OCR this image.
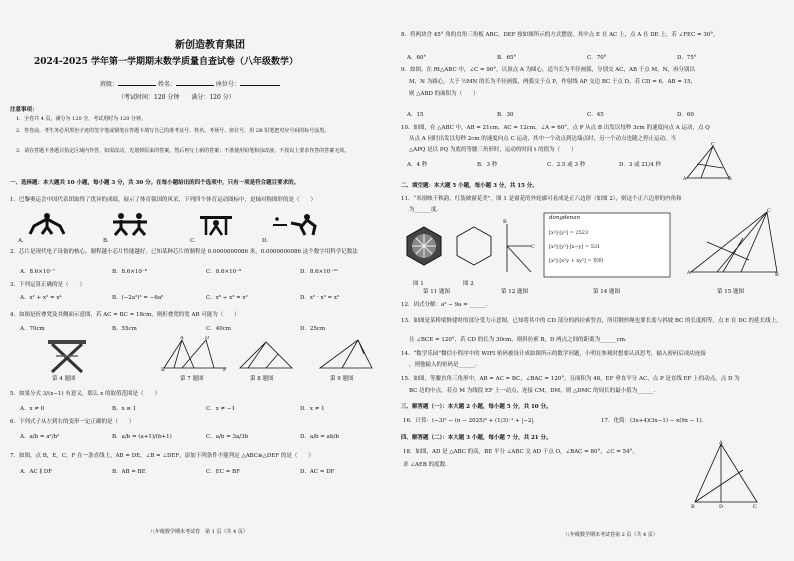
新创造教育集团
2024-2025 学年第一学期期末数学质量自查试卷（八年级数学）
班级：	姓名：	座位号：
（考试时间：120 分钟　　满分：120 分）
注意事项：
1．全卷共 4 页，满分为 120 分，考试用时为 120 分钟。
2．答卷前，考生务必用黑色字迹的签字笔或钢笔在答题卡填写自己的准考证号、姓名、考场号、座位号，用 2B 铅笔把对应号码的标号涂黑。
3．请在答题卡各题目指定区域内作答，如需改动，先划掉原来的答案，然后再写上新的答案；不准使用铅笔和涂改液。不按以上要求作答的答案无效。
一、选择题：本大题共 10 小题，每小题 3 分，共 30 分。在每小题给出的四个选项中，只有一项是符合题目要求的。
1．巴黎奥运会中国代表团取得了优异的成绩，展示了体育强国的风采，下列四个体育运动图标中，是轴对称图形的是（　　）
A.	B.	C.	D.
2．芯片是现代电子设备的核心，制程越小芯片性能越好。已知某种芯片的制程是 0.0000000086 米，0.0000000086 这个数字用科学记数法
A．8.6×10⁻⁷	B．8.6×10⁻⁸	C．8.6×10⁻⁹	D．8.6×10⁻¹⁰
3．下列运算正确的是（　　）
A．x² + x² = x⁴	B．(−2a²)³ = −6a⁶	C．x⁶ ÷ x³ = x²	D．x² · x³ = x⁵
4．如图是折叠凳及其侧面示意图，若 AC = BC = 18cm，则折叠凳的宽 AB 可能为（　　）
A．70cm	B．55cm	C．40cm	D．25cm
B
A	D
F
第 4 题图	第 7 题图	第 8 题图	第 9 题图
5．如果分式 3/(x−1) 有意义，那么 x 的取值范围是（　　）
A．x ≠ 0	B．x ≥ 1	C．x ≠ −1	D．x ≠ 1
6．下列式子从左到右的变形一定正确的是（　　）
A．a/b = a²/b²	B．a/b = (a+1)/(b+1)	C．a/b = 3a/3b	D．a/b = ab/b
7．如图，点 B，E，C，F 在一条直线上，AB = DE，∠B = ∠DEF，添加下列条件不能判定 △ABC≌△DEF 的是（　　）
A．AC ∥ DF	B．AB = BE	C．EC = BF	D．AC = DF
八年级数学期末考试卷　第 1 页（共 4 页）
8．将两块含 45° 角的直角三角板 ABC，DEF 按如图所示的方式摆放，其中点 E 在 AC 上，点 A 在 DE 上，若 ∠FEC = 30°，
A．60°	B．65°	C．70°	D．75°
9．如图，在 Rt△ABC 中，∠C = 90°，以顶点 A 为圆心，适当长为半径画弧，分别交 AC，AB 于点 M，N，再分别以
M，N 为圆心，大于 ½MN 的长为半径画弧，两弧交于点 P，作射线 AP 交边 BC 于点 D，若 CD = 6，AB = 15，
则 △ABD 的面积为（　　）
A．15	B．30	C．45	D．60
10．如图，在 △ABC 中，AB = 21cm，AC = 12cm，∠A = 60°，点 P 从点 B 出发以每秒 3cm 的速度向点 A 运动，点 Q
从点 A 同时出发以每秒 2cm 的速度向点 C 运动，其中一个动点到达端点时，另一个动点也随之停止运动，当
△APQ 是以 PQ 为底的等腰三角形时，运动的时间 t 的值为（　　）
A．4 秒	B．3 秒	C．2.5 或 3 秒	D．3 或 21/4 秒
C
A	B
二、填空题：本大题 5 小题，每小题 3 分，共 15 分。
11．“米窗映千秋韵，红装映窗花美”。图 1 是窗花的外轮廓可看成是正六边形（如图 2），则这个正六边形的内角和
为______度．
B
C
dongdenan
[x²]·[y²] = 2523
[x²]·[y²]·[x−y] = 531
[x²]·[x²y + xy²] = 密码
C
A	B
图 1	图 2
第 11 题图	第 12 题图	第 14 题图	第 15 题图
12．因式分解：a³ − 9a = ______．
13．如图是某桥梁修建时的部分受力示意图，已知将其中的 CD 部分的斜拉索竖直，所用钢丝绳也要长度与斜坡 BC 的长度相等，点 E 在 DC 的延长线上，
且 ∠BCE = 120°，若 CD 的长为 30cm，则斜拉索 B，D 两点之间的距离为______cm．
14．“数学乐园”微信小程序中的 WIFI 密码被设计成如图所示的数学问题，小明在参观时想要认真思考，输入密码后成功连接
，则他输入的密码是______．
15．如图，等腰直角三角形中，AB = AC = BC，∠BAC = 120°，且面积为 48，EF 垂直平分 AC，点 P 是直线 EF 上的动点，点 D 为
BC 边的中点，若点 M 为线段 EF 上一动点，连接 CM，DM，则 △DMC 的周长的最小值为______．
三、解答题（一）：本大题 2 小题，每小题 5 分，共 10 分。
16．计算：(−3)² − (π − 2025)⁰ + (1/3)⁻¹ + |−2|．	17．化简：(3x+4)(3x−1) − x(9x − 1)．
四、解答题（二）：本大题 3 小题，每小题 7 分，共 21 分。
18．如图，AD 是 △ABC 的高，BE 平分 ∠ABC 交 AD 于点 O，∠BAC = 80°，∠C = 54°，
求 ∠AEB 的度数．
A
B	C
D
八年级数学期末考试卷第 2 页（共 4 页）
